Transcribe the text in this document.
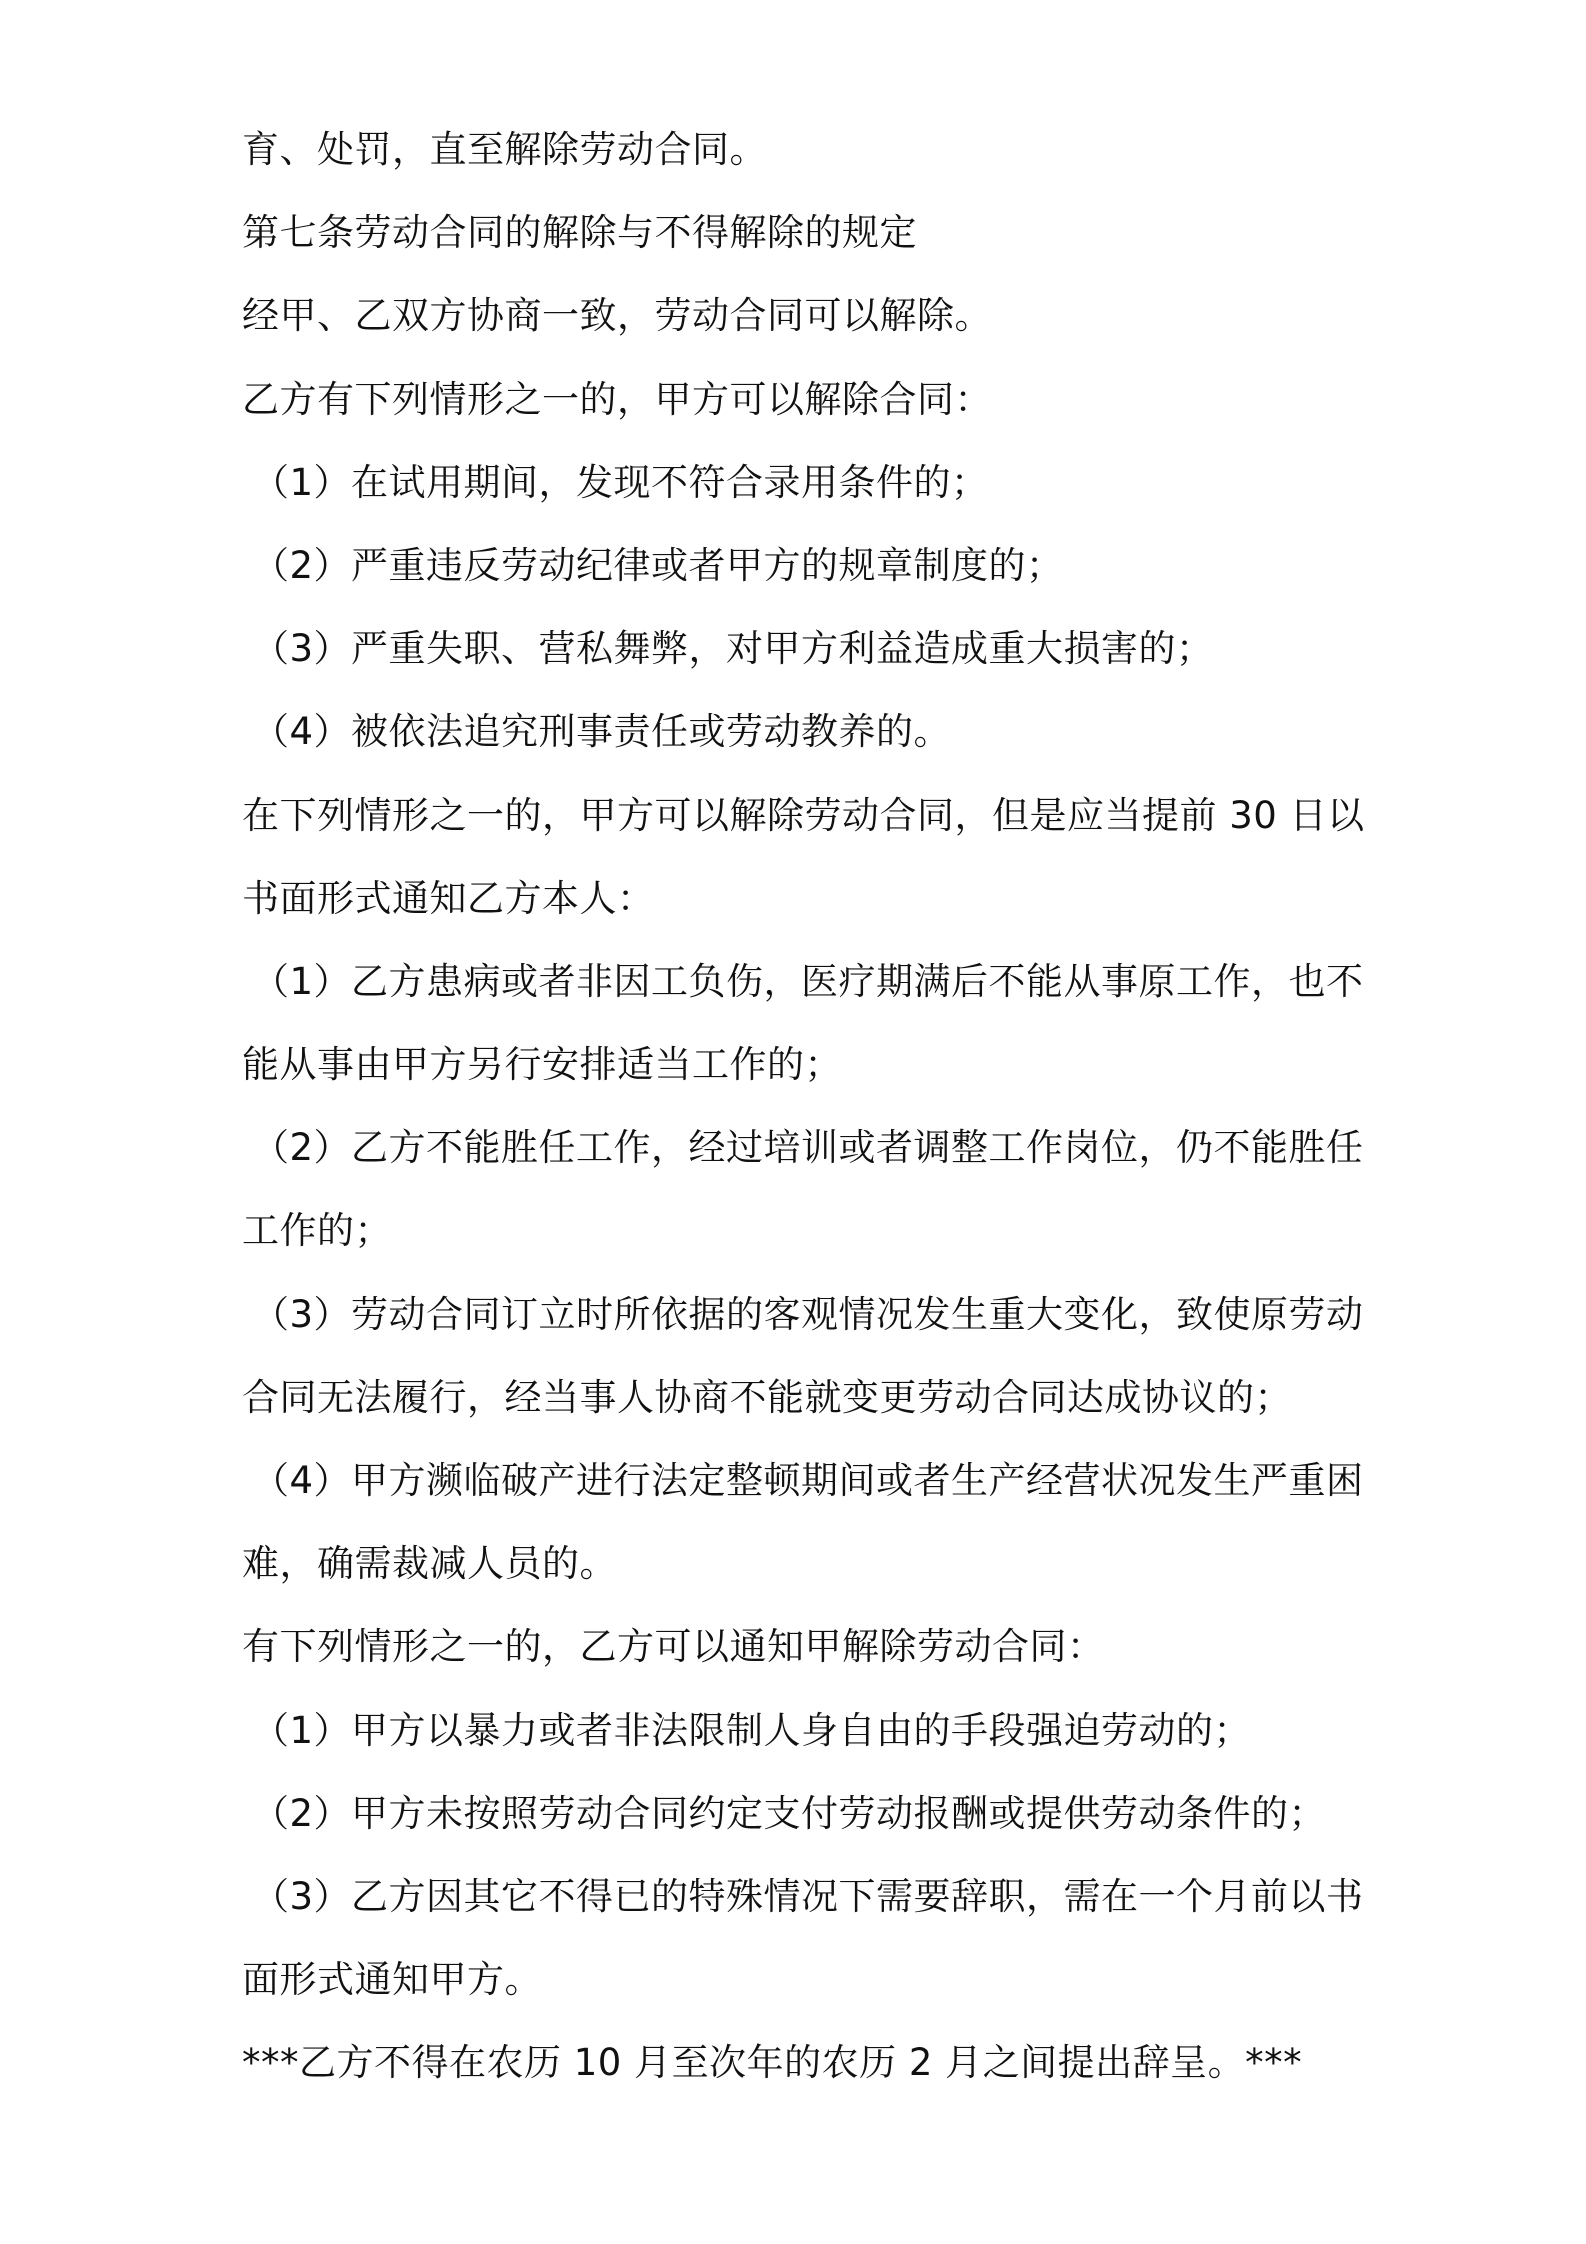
育、处罚，直至解除劳动合同。
第七条劳动合同的解除与不得解除的规定
经甲、乙双方协商一致，劳动合同可以解除。
乙方有下列情形之一的，甲方可以解除合同：
（1）在试用期间，发现不符合录用条件的；
（2）严重违反劳动纪律或者甲方的规章制度的；
（3）严重失职、营私舞弊，对甲方利益造成重大损害的；
（4）被依法追究刑事责任或劳动教养的。
在下列情形之一的，甲方可以解除劳动合同，但是应当提前 30 日以
书面形式通知乙方本人：
（1）乙方患病或者非因工负伤，医疗期满后不能从事原工作，也不
能从事由甲方另行安排适当工作的；
（2）乙方不能胜任工作，经过培训或者调整工作岗位，仍不能胜任
工作的；
（3）劳动合同订立时所依据的客观情况发生重大变化，致使原劳动
合同无法履行，经当事人协商不能就变更劳动合同达成协议的；
（4）甲方濒临破产进行法定整顿期间或者生产经营状况发生严重困
难，确需裁减人员的。
有下列情形之一的，乙方可以通知甲解除劳动合同：
（1）甲方以暴力或者非法限制人身自由的手段强迫劳动的；
（2）甲方未按照劳动合同约定支付劳动报酬或提供劳动条件的；
（3）乙方因其它不得已的特殊情况下需要辞职，需在一个月前以书
面形式通知甲方。
***乙方不得在农历 10 月至次年的农历 2 月之间提出辞呈。***
